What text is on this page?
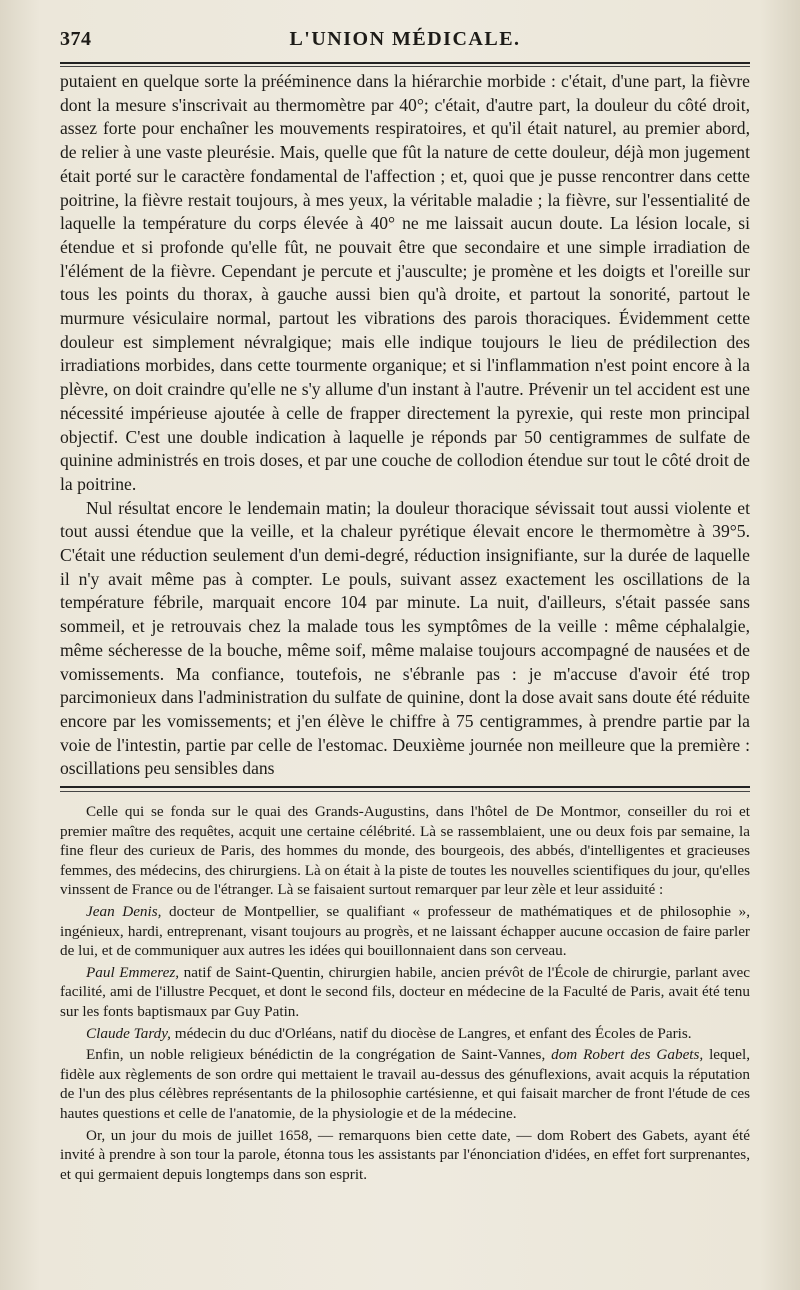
374	L'UNION MÉDICALE.

putaient en quelque sorte la prééminence dans la hiérarchie morbide : c'était, d'une part, la fièvre dont la mesure s'inscrivait au thermomètre par 40°; c'était, d'autre part, la douleur du côté droit, assez forte pour enchaîner les mouvements respiratoires, et qu'il était naturel, au premier abord, de relier à une vaste pleurésie. Mais, quelle que fût la nature de cette douleur, déjà mon jugement était porté sur le caractère fondamental de l'affection ; et, quoi que je pusse rencontrer dans cette poitrine, la fièvre restait toujours, à mes yeux, la véritable maladie ; la fièvre, sur l'essentialité de laquelle la température du corps élevée à 40° ne me laissait aucun doute. La lésion locale, si étendue et si profonde qu'elle fût, ne pouvait être que secondaire et une simple irradiation de l'élément de la fièvre. Cependant je percute et j'ausculte; je promène et les doigts et l'oreille sur tous les points du thorax, à gauche aussi bien qu'à droite, et partout la sonorité, partout le murmure vésiculaire normal, partout les vibrations des parois thoraciques. Évidemment cette douleur est simplement névralgique; mais elle indique toujours le lieu de prédilection des irradiations morbides, dans cette tourmente organique; et si l'inflammation n'est point encore à la plèvre, on doit craindre qu'elle ne s'y allume d'un instant à l'autre. Prévenir un tel accident est une nécessité impérieuse ajoutée à celle de frapper directement la pyrexie, qui reste mon principal objectif. C'est une double indication à laquelle je réponds par 50 centigrammes de sulfate de quinine administrés en trois doses, et par une couche de collodion étendue sur tout le côté droit de la poitrine.

Nul résultat encore le lendemain matin; la douleur thoracique sévissait tout aussi violente et tout aussi étendue que la veille, et la chaleur pyrétique élevait encore le thermomètre à 39°5. C'était une réduction seulement d'un demi-degré, réduction insignifiante, sur la durée de laquelle il n'y avait même pas à compter. Le pouls, suivant assez exactement les oscillations de la température fébrile, marquait encore 104 par minute. La nuit, d'ailleurs, s'était passée sans sommeil, et je retrouvais chez la malade tous les symptômes de la veille : même céphalalgie, même sécheresse de la bouche, même soif, même malaise toujours accompagné de nausées et de vomissements. Ma confiance, toutefois, ne s'ébranle pas : je m'accuse d'avoir été trop parcimonieux dans l'administration du sulfate de quinine, dont la dose avait sans doute été réduite encore par les vomissements; et j'en élève le chiffre à 75 centigrammes, à prendre partie par la voie de l'intestin, partie par celle de l'estomac. Deuxième journée non meilleure que la première : oscillations peu sensibles dans

Celle qui se fonda sur le quai des Grands-Augustins, dans l'hôtel de De Montmor, conseiller du roi et premier maître des requêtes, acquit une certaine célébrité. Là se rassemblaient, une ou deux fois par semaine, la fine fleur des curieux de Paris, des hommes du monde, des bourgeois, des abbés, d'intelligentes et gracieuses femmes, des médecins, des chirurgiens. Là on était à la piste de toutes les nouvelles scientifiques du jour, qu'elles vinssent de France ou de l'étranger. Là se faisaient surtout remarquer par leur zèle et leur assiduité :

Jean Denis, docteur de Montpellier, se qualifiant « professeur de mathématiques et de philosophie », ingénieux, hardi, entreprenant, visant toujours au progrès, et ne laissant échapper aucune occasion de faire parler de lui, et de communiquer aux autres les idées qui bouillonnaient dans son cerveau.

Paul Emmerez, natif de Saint-Quentin, chirurgien habile, ancien prévôt de l'École de chirurgie, parlant avec facilité, ami de l'illustre Pecquet, et dont le second fils, docteur en médecine de la Faculté de Paris, avait été tenu sur les fonts baptismaux par Guy Patin.

Claude Tardy, médecin du duc d'Orléans, natif du diocèse de Langres, et enfant des Écoles de Paris.

Enfin, un noble religieux bénédictin de la congrégation de Saint-Vannes, dom Robert des Gabets, lequel, fidèle aux règlements de son ordre qui mettaient le travail au-dessus des génuflexions, avait acquis la réputation de l'un des plus célèbres représentants de la philosophie cartésienne, et qui faisait marcher de front l'étude de ces hautes questions et celle de l'anatomie, de la physiologie et de la médecine.

Or, un jour du mois de juillet 1658, — remarquons bien cette date, — dom Robert des Gabets, ayant été invité à prendre à son tour la parole, étonna tous les assistants par l'énonciation d'idées, en effet fort surprenantes, et qui germaient depuis longtemps dans son esprit.
